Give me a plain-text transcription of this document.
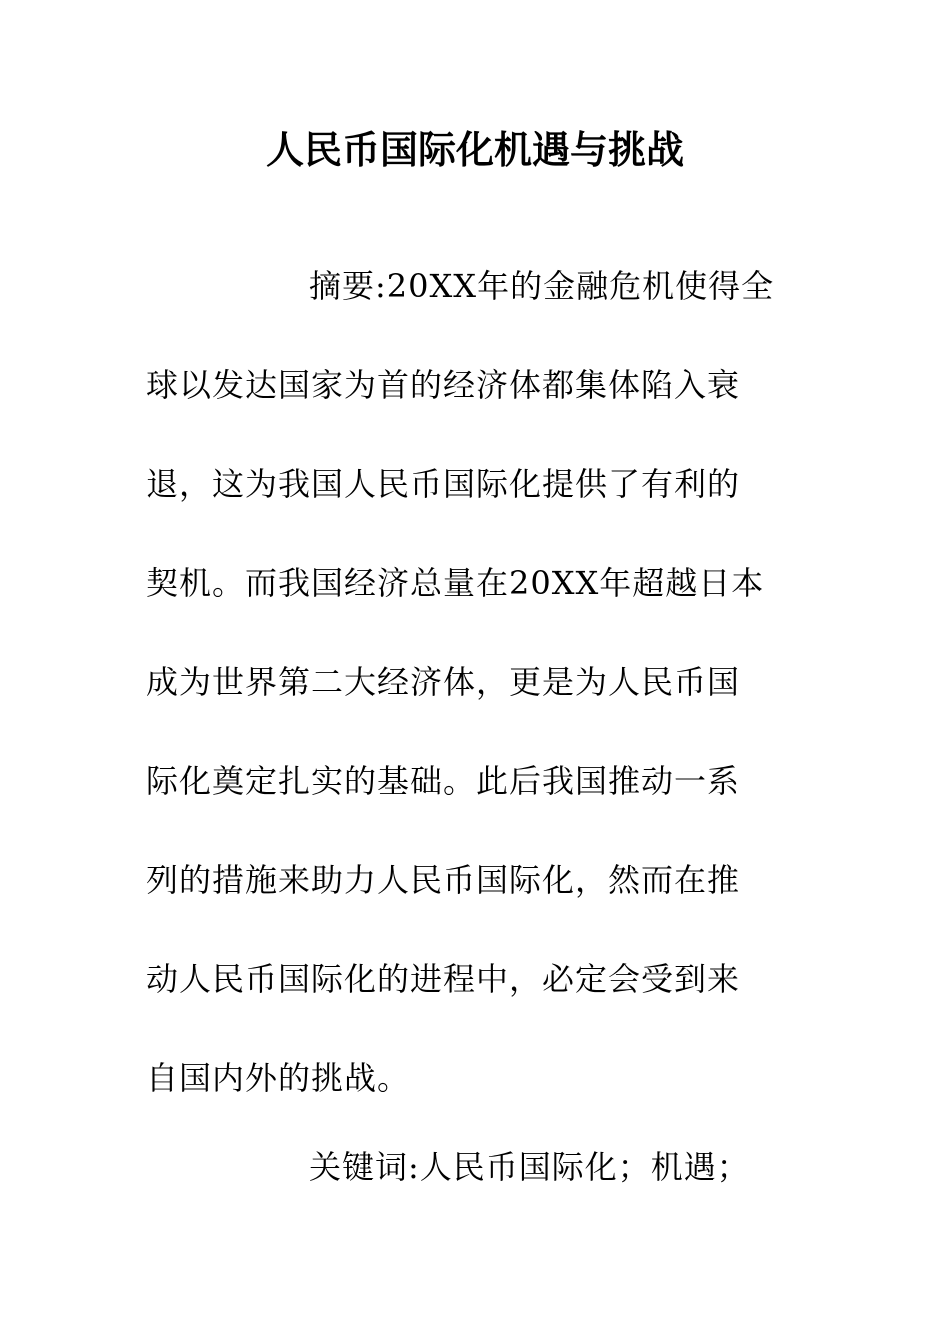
人民币国际化机遇与挑战
摘要:20XX年的金融危机使得全
球以发达国家为首的经济体都集体陷入衰
退，这为我国人民币国际化提供了有利的
契机。而我国经济总量在20XX年超越日本
成为世界第二大经济体，更是为人民币国
际化奠定扎实的基础。此后我国推动一系
列的措施来助力人民币国际化，然而在推
动人民币国际化的进程中，必定会受到来
自国内外的挑战。
关键词:人民币国际化；机遇；
